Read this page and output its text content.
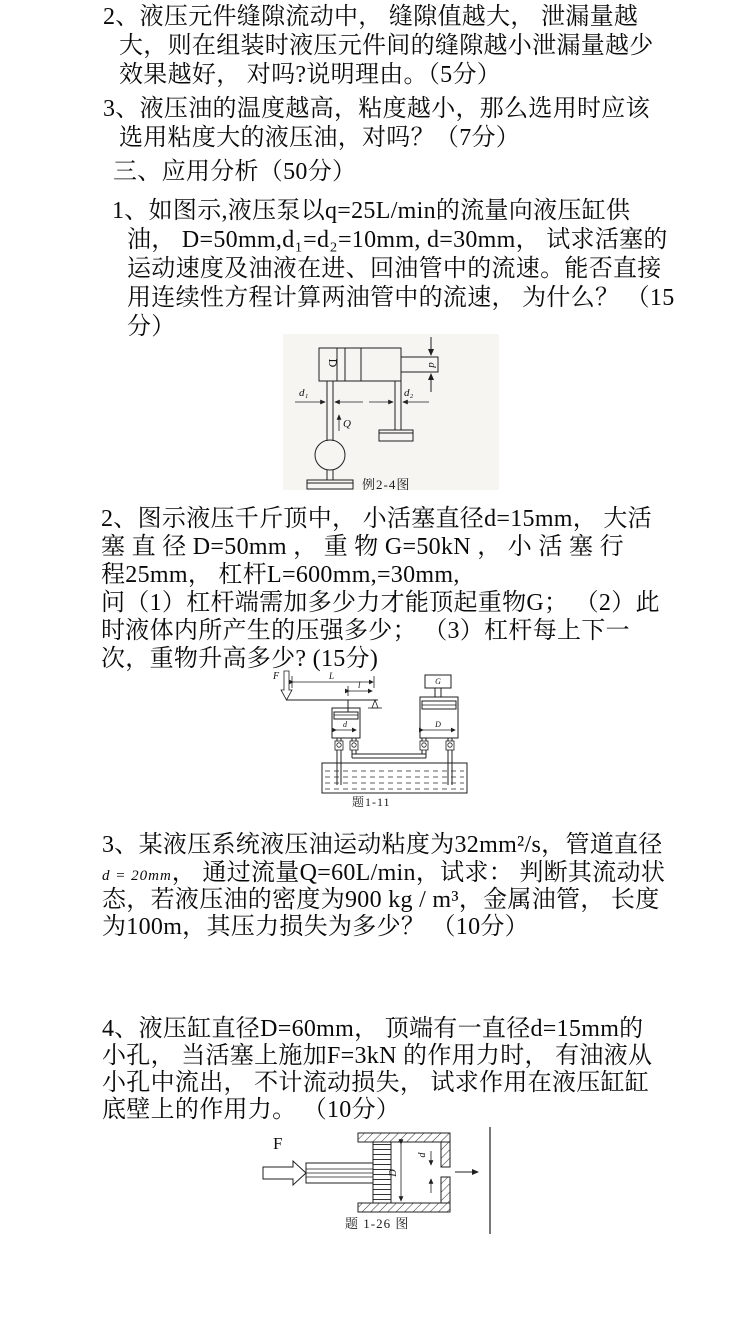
2、液压元件缝隙流动中， 缝隙值越大， 泄漏量越
大，则在组装时液压元件间的缝隙越小泄漏量越少
效果越好， 对吗?说明理由。（5分）
3、液压油的温度越高，粘度越小，那么选用时应该
选用粘度大的液压油，对吗？（7分）
三、应用分析（50分）
1、如图示,液压泵以q=25L/min的流量向液压缸供
油， D=50mm,d₁=d₂=10mm, d=30mm， 试求活塞的
运动速度及油液在进、回油管中的流速。能否直接
用连续性方程计算两油管中的流速， 为什么？ （15
分）
D	d
d₁
Q
d₂
例2-4图
2、图示液压千斤顶中， 小活塞直径d=15mm， 大活
塞 直 径 D=50mm ， 重 物 G=50kN ， 小 活 塞 行
程25mm， 杠杆L=600mm,=30mm,
问（1）杠杆端需加多少力才能顶起重物G； （2）此
时液体内所产生的压强多少； （3）杠杆每上下一
次，重物升高多少? (15分)
F	L
l
d
G
D
题1-11
3、某液压系统液压油运动粘度为32mm²/s，管道直径
d = 20mm， 通过流量Q=60L/min，试求： 判断其流动状
态，若液压油的密度为900 kg / m³，金属油管， 长度
为100m，其压力损失为多少？ （10分）
4、液压缸直径D=60mm， 顶端有一直径d=15mm的
小孔， 当活塞上施加F=3kN 的作用力时， 有油液从
小孔中流出， 不计流动损失， 试求作用在液压缸缸
底壁上的作用力。 （10分）
F
D
d
题 1-26 图
